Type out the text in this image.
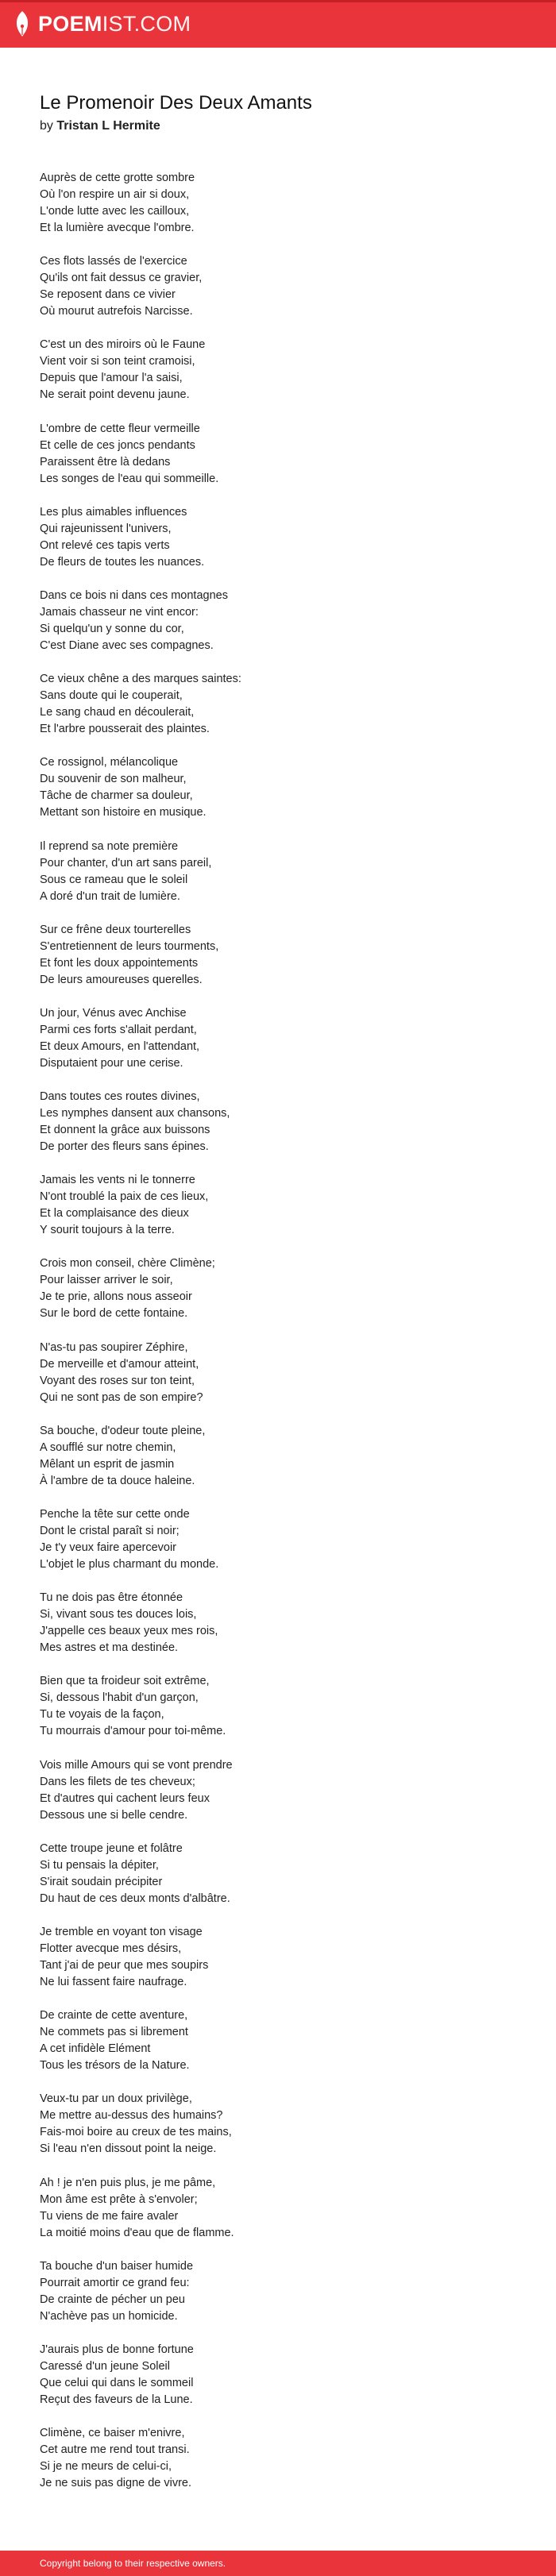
POEMIST.COM
Le Promenoir Des Deux Amants
by Tristan L Hermite
Auprès de cette grotte sombre
Où l'on respire un air si doux,
L'onde lutte avec les cailloux,
Et la lumière avecque l'ombre.
Ces flots lassés de l'exercice
Qu'ils ont fait dessus ce gravier,
Se reposent dans ce vivier
Où mourut autrefois Narcisse.
C'est un des miroirs où le Faune
Vient voir si son teint cramoisi,
Depuis que l'amour l'a saisi,
Ne serait point devenu jaune.
L'ombre de cette fleur vermeille
Et celle de ces joncs pendants
Paraissent être là dedans
Les songes de l'eau qui sommeille.
Les plus aimables influences
Qui rajeunissent l'univers,
Ont relevé ces tapis verts
De fleurs de toutes les nuances.
Dans ce bois ni dans ces montagnes
Jamais chasseur ne vint encor:
Si quelqu'un y sonne du cor,
C'est Diane avec ses compagnes.
Ce vieux chêne a des marques saintes:
Sans doute qui le couperait,
Le sang chaud en découlerait,
Et l'arbre pousserait des plaintes.
Ce rossignol, mélancolique
Du souvenir de son malheur,
Tâche de charmer sa douleur,
Mettant son histoire en musique.
Il reprend sa note première
Pour chanter, d'un art sans pareil,
Sous ce rameau que le soleil
A doré d'un trait de lumière.
Sur ce frêne deux tourterelles
S'entretiennent de leurs tourments,
Et font les doux appointements
De leurs amoureuses querelles.
Un jour, Vénus avec Anchise
Parmi ces forts s'allait perdant,
Et deux Amours, en l'attendant,
Disputaient pour une cerise.
Dans toutes ces routes divines,
Les nymphes dansent aux chansons,
Et donnent la grâce aux buissons
De porter des fleurs sans épines.
Jamais les vents ni le tonnerre
N'ont troublé la paix de ces lieux,
Et la complaisance des dieux
Y sourit toujours à la terre.
Crois mon conseil, chère Climène;
Pour laisser arriver le soir,
Je te prie, allons nous asseoir
Sur le bord de cette fontaine.
N'as-tu pas soupirer Zéphire,
De merveille et d'amour atteint,
Voyant des roses sur ton teint,
Qui ne sont pas de son empire?
Sa bouche, d'odeur toute pleine,
A soufflé sur notre chemin,
Mêlant un esprit de jasmin
À l'ambre de ta douce haleine.
Penche la tête sur cette onde
Dont le cristal paraît si noir;
Je t'y veux faire apercevoir
L'objet le plus charmant du monde.
Tu ne dois pas être étonnée
Si, vivant sous tes douces lois,
J'appelle ces beaux yeux mes rois,
Mes astres et ma destinée.
Bien que ta froideur soit extrême,
Si, dessous l'habit d'un garçon,
Tu te voyais de la façon,
Tu mourrais d'amour pour toi-même.
Vois mille Amours qui se vont prendre
Dans les filets de tes cheveux;
Et d'autres qui cachent leurs feux
Dessous une si belle cendre.
Cette troupe jeune et folâtre
Si tu pensais la dépiter,
S'irait soudain précipiter
Du haut de ces deux monts d'albâtre.
Je tremble en voyant ton visage
Flotter avecque mes désirs,
Tant j'ai de peur que mes soupirs
Ne lui fassent faire naufrage.
De crainte de cette aventure,
Ne commets pas si librement
A cet infidèle Elément
Tous les trésors de la Nature.
Veux-tu par un doux privilège,
Me mettre au-dessus des humains?
Fais-moi boire au creux de tes mains,
Si l'eau n'en dissout point la neige.
Ah ! je n'en puis plus, je me pâme,
Mon âme est prête à s'envoler;
Tu viens de me faire avaler
La moitié moins d'eau que de flamme.
Ta bouche d'un baiser humide
Pourrait amortir ce grand feu:
De crainte de pécher un peu
N'achève pas un homicide.
J'aurais plus de bonne fortune
Caressé d'un jeune Soleil
Que celui qui dans le sommeil
Reçut des faveurs de la Lune.
Climène, ce baiser m'enivre,
Cet autre me rend tout transi.
Si je ne meurs de celui-ci,
Je ne suis pas digne de vivre.
Copyright belong to their respective owners.
